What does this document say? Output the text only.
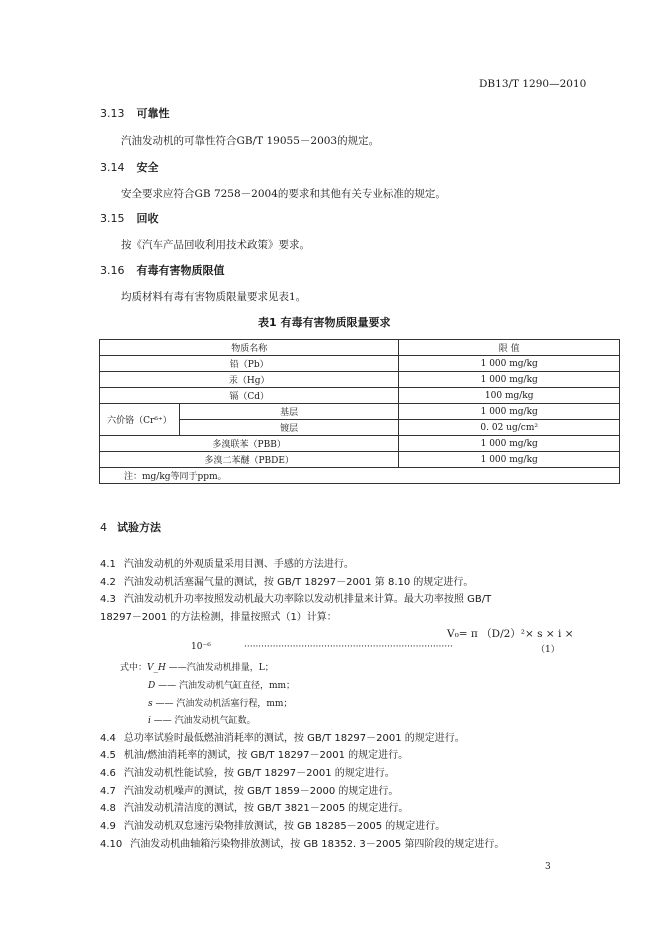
DB13/T 1290—2010
3.13 可靠性
汽油发动机的可靠性符合GB/T 19055－2003的规定。
3.14 安全
安全要求应符合GB 7258－2004的要求和其他有关专业标准的规定。
3.15 回收
按《汽车产品回收利用技术政策》要求。
3.16 有毒有害物质限值
均质材料有毒有害物质限量要求见表1。
表1 有毒有害物质限量要求
物质名称		限 值
铅（Pb）		1 000 mg/kg
汞（Hg）		1 000 mg/kg
镉（Cd）		100 mg/kg
六价铬（Cr⁶⁺）	基层	1 000 mg/kg
	镀层	0. 02 ug/cm²
多溴联苯（PBB）		1 000 mg/kg
多溴二苯醚（PBDE）		1 000 mg/kg
注：mg/kg等同于ppm。		
4 试验方法
4.1 汽油发动机的外观质量采用目测、手感的方法进行。
4.2 汽油发动机活塞漏气量的测试，按 GB/T 18297－2001 第 8.10 的规定进行。
4.3 汽油发动机升功率按照发动机最大功率除以发动机排量来计算。最大功率按照 GB/T
18297－2001 的方法检测，排量按照式（1）计算：
V₀= π （D/2）²× s × i ×
10⁻⁶	·········································································	（1）
式中：V_H ——汽油发动机排量，L；
D —— 汽油发动机气缸直径，mm；
s —— 汽油发动机活塞行程，mm；
i —— 汽油发动机气缸数。
4.4 总功率试验时最低燃油消耗率的测试，按 GB/T 18297－2001 的规定进行。
4.5 机油/燃油消耗率的测试，按 GB/T 18297－2001 的规定进行。
4.6 汽油发动机性能试验，按 GB/T 18297－2001 的规定进行。
4.7 汽油发动机噪声的测试，按 GB/T 1859－2000 的规定进行。
4.8 汽油发动机清洁度的测试，按 GB/T 3821－2005 的规定进行。
4.9 汽油发动机双怠速污染物排放测试，按 GB 18285－2005 的规定进行。
4.10 汽油发动机曲轴箱污染物排放测试，按 GB 18352. 3－2005 第四阶段的规定进行。
3
